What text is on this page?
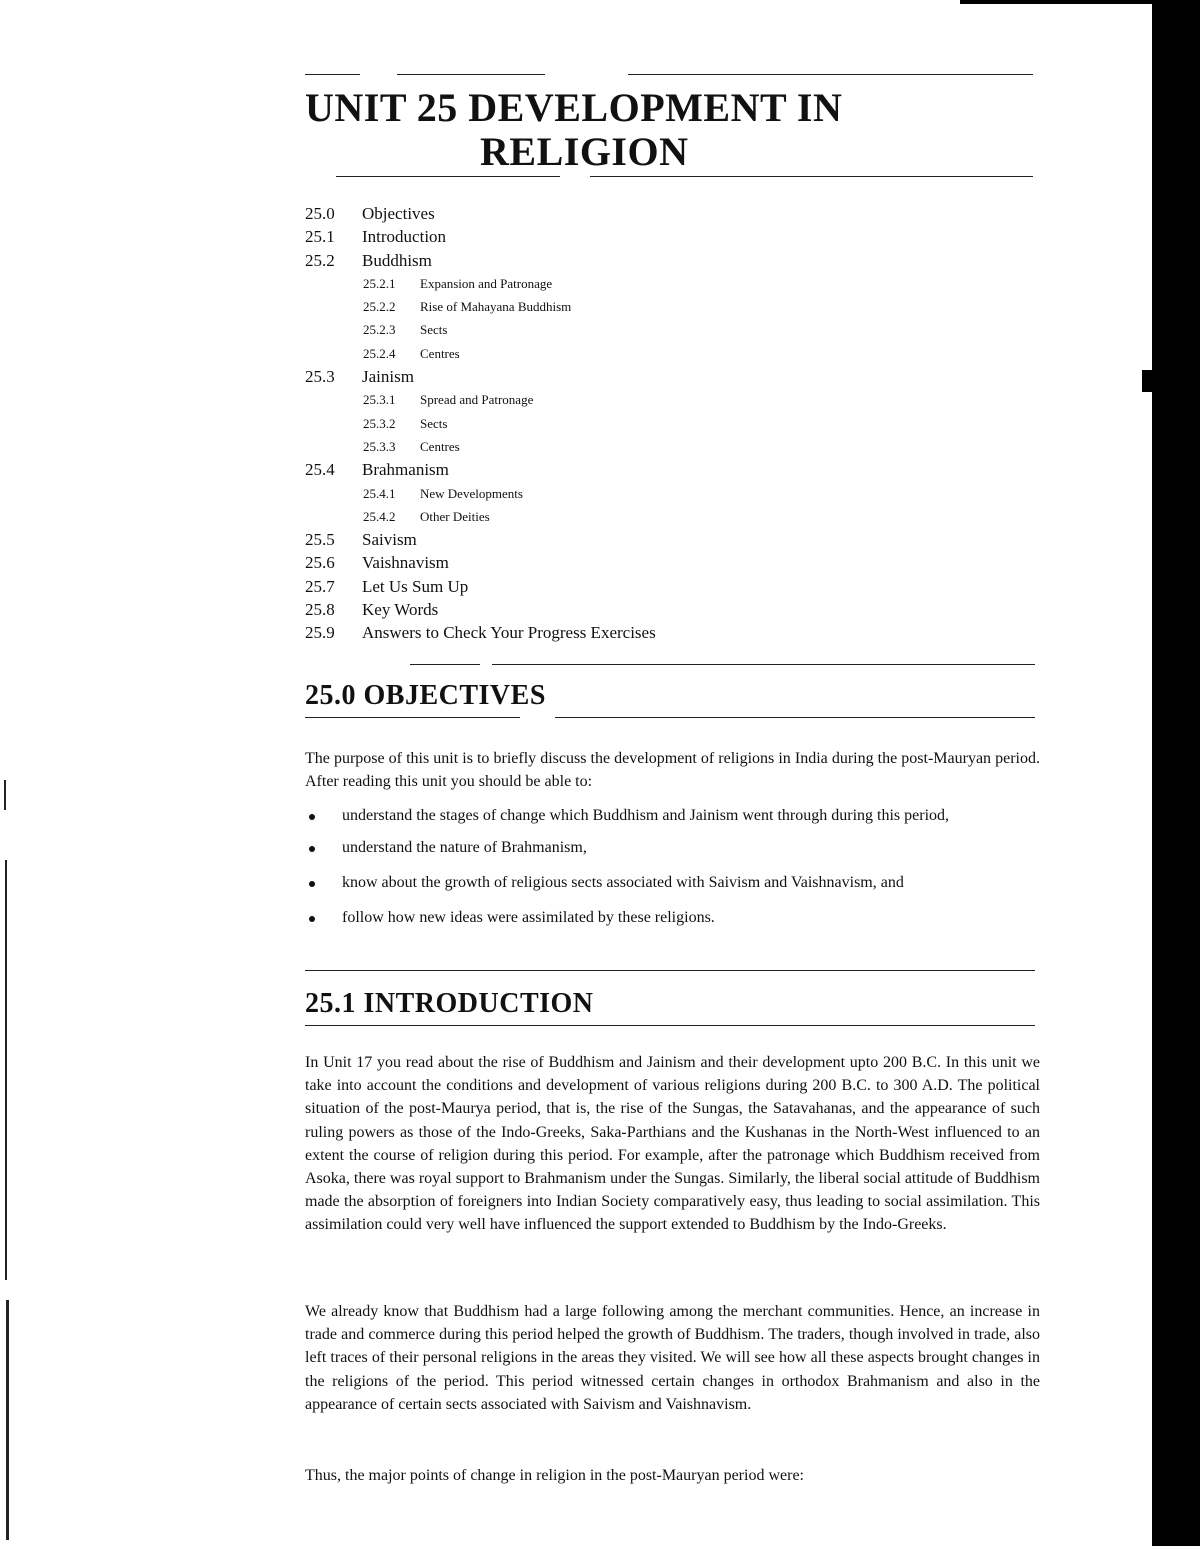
UNIT 25 DEVELOPMENT IN
RELIGION
25.0 Objectives
25.1 Introduction
25.2 Buddhism
25.2.1 Expansion and Patronage
25.2.2 Rise of Mahayana Buddhism
25.2.3 Sects
25.2.4 Centres
25.3 Jainism
25.3.1 Spread and Patronage
25.3.2 Sects
25.3.3 Centres
25.4 Brahmanism
25.4.1 New Developments
25.4.2 Other Deities
25.5 Saivism
25.6 Vaishnavism
25.7 Let Us Sum Up
25.8 Key Words
25.9 Answers to Check Your Progress Exercises
25.0 OBJECTIVES

The purpose of this unit is to briefly discuss the development of religions in India during the post-Mauryan period. After reading this unit you should be able to:

understand the stages of change which Buddhism and Jainism went through during this period,
understand the nature of Brahmanism,
know about the growth of religious sects associated with Saivism and Vaishnavism, and
follow how new ideas were assimilated by these religions.
25.1 INTRODUCTION

In Unit 17 you read about the rise of Buddhism and Jainism and their development upto 200 B.C. In this unit we take into account the conditions and development of various religions during 200 B.C. to 300 A.D. The political situation of the post-Maurya period, that is, the rise of the Sungas, the Satavahanas, and the appearance of such ruling powers as those of the Indo-Greeks, Saka-Parthians and the Kushanas in the North-West influenced to an extent the course of religion during this period. For example, after the patronage which Buddhism received from Asoka, there was royal support to Brahmanism under the Sungas. Similarly, the liberal social attitude of Buddhism made the absorption of foreigners into Indian Society comparatively easy, thus leading to social assimilation. This assimilation could very well have influenced the support extended to Buddhism by the Indo-Greeks.

We already know that Buddhism had a large following among the merchant communities. Hence, an increase in trade and commerce during this period helped the growth of Buddhism. The traders, though involved in trade, also left traces of their personal religions in the areas they visited. We will see how all these aspects brought changes in the religions of the period. This period witnessed certain changes in orthodox Brahmanism and also in the appearance of certain sects associated with Saivism and Vaishnavism.

Thus, the major points of change in religion in the post-Mauryan period were:
